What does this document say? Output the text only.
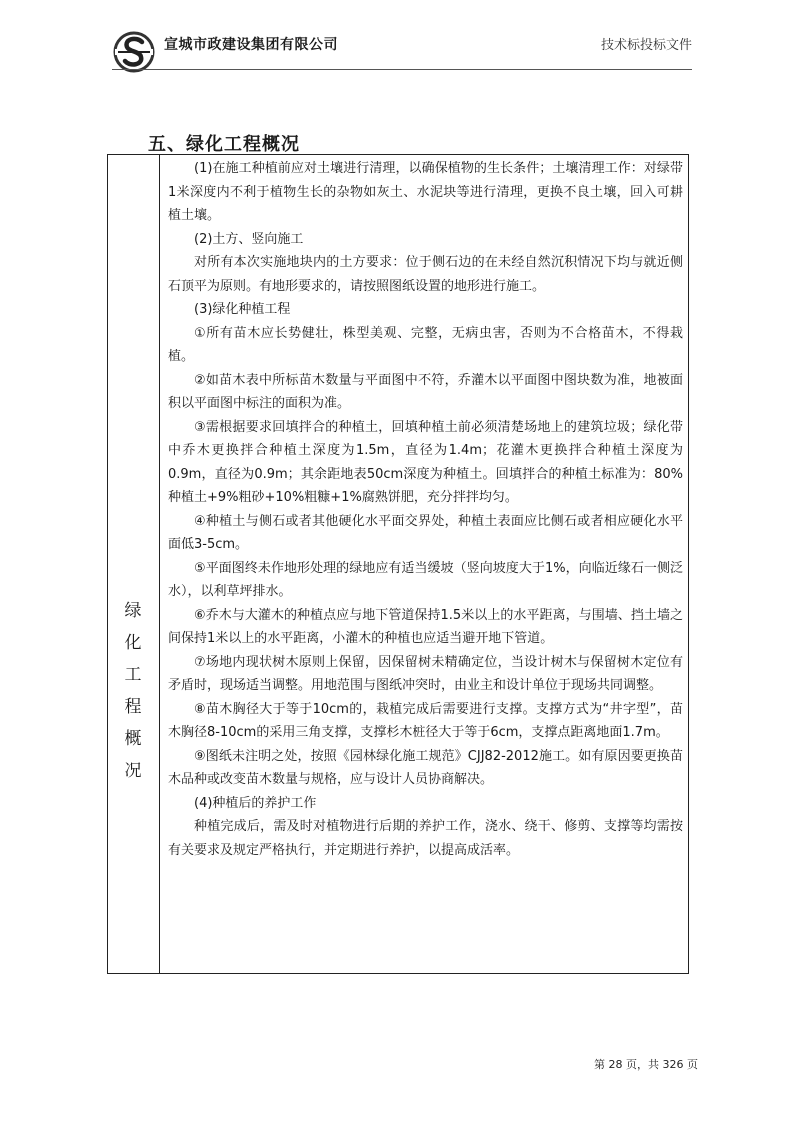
宣城市政建设集团有限公司	技术标投标文件
五、绿化工程概况

绿
化
工
程
概
况

(1)在施工种植前应对土壤进行清理，以确保植物的生长条件；土壤清理工作：对绿带1米深度内不利于植物生长的杂物如灰土、水泥块等进行清理，更换不良土壤，回入可耕植土壤。

(2)土方、竖向施工

对所有本次实施地块内的土方要求：位于侧石边的在未经自然沉积情况下均与就近侧石顶平为原则。有地形要求的，请按照图纸设置的地形进行施工。

(3)绿化种植工程

①所有苗木应长势健壮，株型美观、完整，无病虫害，否则为不合格苗木，不得栽植。

②如苗木表中所标苗木数量与平面图中不符，乔灌木以平面图中图块数为准，地被面积以平面图中标注的面积为准。

③需根据要求回填拌合的种植土，回填种植土前必须清楚场地上的建筑垃圾；绿化带中乔木更换拌合种植土深度为1.5m，直径为1.4m；花灌木更换拌合种植土深度为0.9m，直径为0.9m；其余距地表50cm深度为种植土。回填拌合的种植土标准为：80%种植土+9%粗砂+10%粗糠+1%腐熟饼肥，充分拌拌均匀。

④种植土与侧石或者其他硬化水平面交界处，种植土表面应比侧石或者相应硬化水平面低3-5cm。

⑤平面图终未作地形处理的绿地应有适当缓坡（竖向坡度大于1%，向临近缘石一侧泛水），以利草坪排水。

⑥乔木与大灌木的种植点应与地下管道保持1.5米以上的水平距离，与围墙、挡土墙之间保持1米以上的水平距离，小灌木的种植也应适当避开地下管道。

⑦场地内现状树木原则上保留，因保留树未精确定位，当设计树木与保留树木定位有矛盾时，现场适当调整。用地范围与图纸冲突时，由业主和设计单位于现场共同调整。

⑧苗木胸径大于等于10cm的，栽植完成后需要进行支撑。支撑方式为“井字型”，苗木胸径8-10cm的采用三角支撑，支撑杉木桩径大于等于6cm，支撑点距离地面1.7m。

⑨图纸未注明之处，按照《园林绿化施工规范》CJJ82-2012施工。如有原因要更换苗木品种或改变苗木数量与规格，应与设计人员协商解决。

(4)种植后的养护工作

种植完成后，需及时对植物进行后期的养护工作，浇水、绕干、修剪、支撑等均需按有关要求及规定严格执行，并定期进行养护，以提高成活率。

第 28 页，共 326 页
